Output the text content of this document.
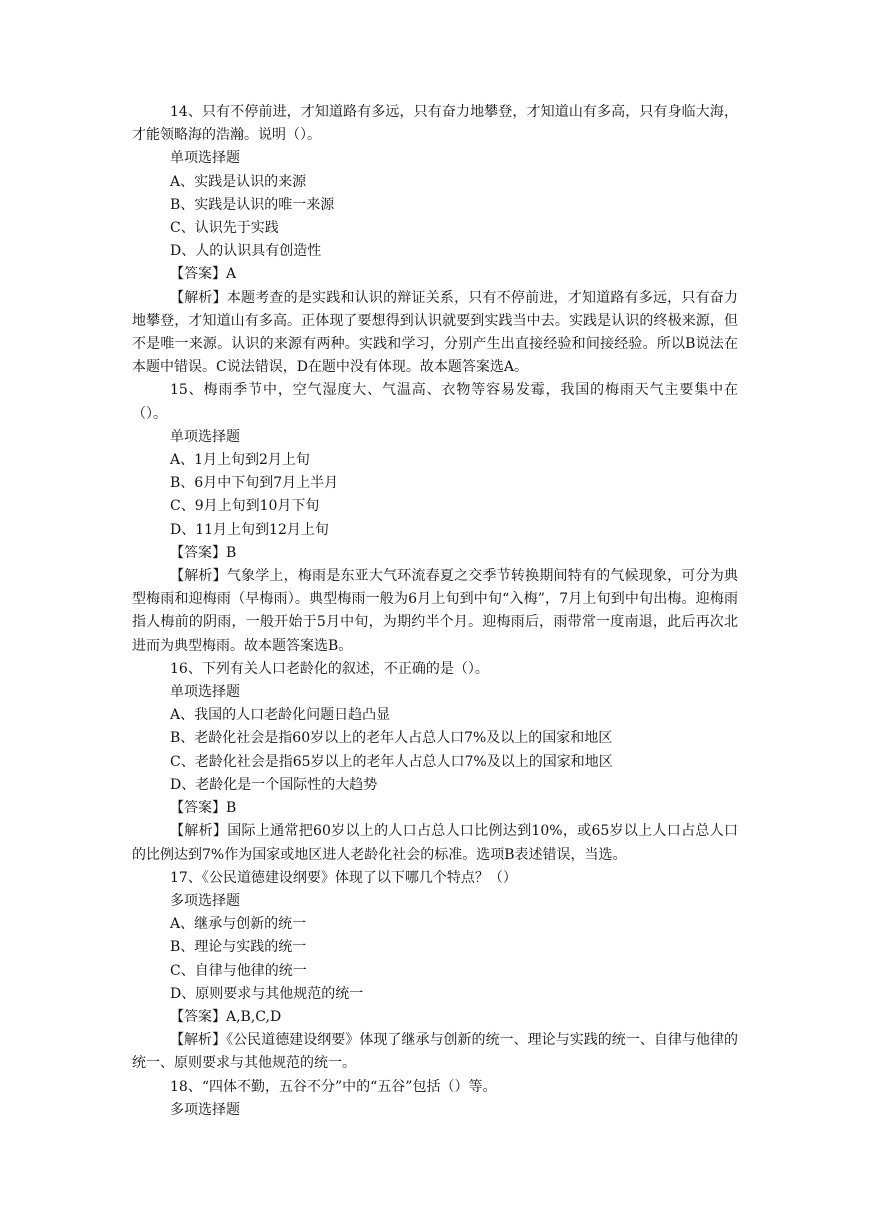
14、只有不停前进，才知道路有多远，只有奋力地攀登，才知道山有多高，只有身临大海，才能领略海的浩瀚。说明（）。

单项选择题

A、实践是认识的来源

B、实践是认识的唯一来源

C、认识先于实践

D、人的认识具有创造性

【答案】A

【解析】本题考查的是实践和认识的辩证关系，只有不停前进，才知道路有多远，只有奋力地攀登，才知道山有多高。正体现了要想得到认识就要到实践当中去。实践是认识的终极来源，但不是唯一来源。认识的来源有两种。实践和学习，分别产生出直接经验和间接经验。所以B说法在本题中错误。C说法错误，D在题中没有体现。故本题答案选A。

15、梅雨季节中，空气湿度大、气温高、衣物等容易发霉，我国的梅雨天气主要集中在（）。

单项选择题

A、1月上旬到2月上旬

B、6月中下旬到7月上半月

C、9月上旬到10月下旬

D、11月上旬到12月上旬

【答案】B

【解析】气象学上，梅雨是东亚大气环流春夏之交季节转换期间特有的气候现象，可分为典型梅雨和迎梅雨（早梅雨）。典型梅雨一般为6月上旬到中旬“入梅”，7月上旬到中旬出梅。迎梅雨指人梅前的阴雨，一般开始于5月中旬，为期约半个月。迎梅雨后，雨带常一度南退，此后再次北进而为典型梅雨。故本题答案选B。

16、下列有关人口老龄化的叙述，不正确的是（）。

单项选择题

A、我国的人口老龄化问题日趋凸显

B、老龄化社会是指60岁以上的老年人占总人口7%及以上的国家和地区

C、老龄化社会是指65岁以上的老年人占总人口7%及以上的国家和地区

D、老龄化是一个国际性的大趋势

【答案】B

【解析】国际上通常把60岁以上的人口占总人口比例达到10%，或65岁以上人口占总人口的比例达到7%作为国家或地区进人老龄化社会的标准。选项B表述错误，当选。

17、《公民道德建设纲要》体现了以下哪几个特点？（）

多项选择题

A、继承与创新的统一

B、理论与实践的统一

C、自律与他律的统一

D、原则要求与其他规范的统一

【答案】A,B,C,D

【解析】《公民道德建设纲要》体现了继承与创新的统一、理论与实践的统一、自律与他律的统一、原则要求与其他规范的统一。

18、“四体不勤，五谷不分”中的“五谷”包括（）等。

多项选择题
